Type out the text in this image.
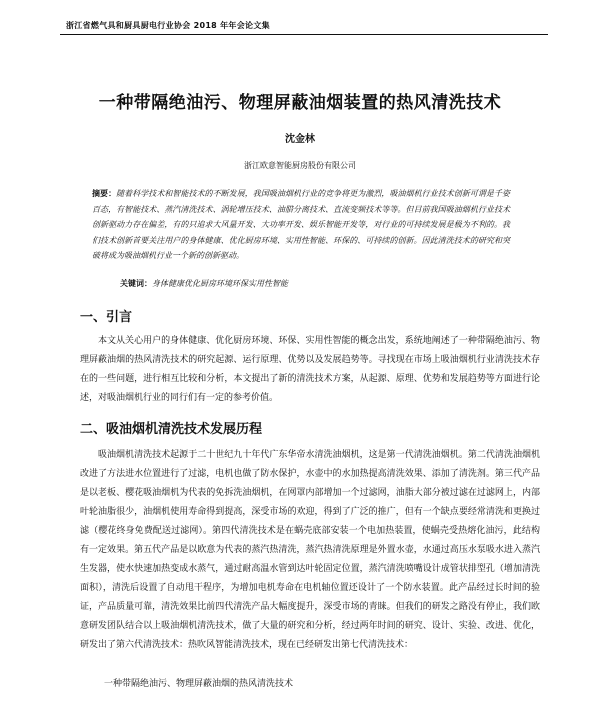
浙江省燃气具和厨具厨电行业协会 2018 年年会论文集
一种带隔绝油污、物理屏蔽油烟装置的热风清洗技术
沈金林
浙江欧意智能厨房股份有限公司
摘要：随着科学技术和智能技术的不断发展，我国吸油烟机行业的竞争将更为激烈，吸油烟机行业技术创新可谓是千姿百态，有智能技术、蒸汽清洗技术、涡轮增压技术、油腊分离技术、直流变频技术等等。但目前我国吸油烟机行业技术创新驱动力存在偏差，有的只追求大风量开发、大功率开发、娱乐智能开发等，对行业的可持续发展是极为不利的。我们技术创新首要关注用户的身体健康、优化厨房环境、实用性智能、环保的、可持续的创新。因此清洗技术的研究和突破将成为吸油烟机行业一个新的创新驱动。
关键词：身体健康优化厨房环境环保实用性智能
一、引言
本文从关心用户的身体健康、优化厨房环境、环保、实用性智能的概念出发，系统地阐述了一种带隔绝油污、物理屏蔽油烟的热风清洗技术的研究起源、运行原理、优势以及发展趋势等。寻找现在市场上吸油烟机行业清洗技术存在的一些问题，进行相互比较和分析，本文提出了新的清洗技术方案，从起源、原理、优势和发展趋势等方面进行论述，对吸油烟机行业的同行们有一定的参考价值。
二、吸油烟机清洗技术发展历程
吸油烟机清洗技术起源于二十世纪九十年代广东华帝水清洗油烟机，这是第一代清洗油烟机。第二代清洗油烟机改进了方法进水位置进行了过滤，电机也做了防水保护，水壶中的水加热提高清洗效果、添加了清洗剂。第三代产品是以老板、樱花吸油烟机为代表的免拆洗油烟机，在网罩内部增加一个过滤网，油脂大部分被过滤在过滤网上，内部叶轮油脂很少，油烟机使用寿命得到提高，深受市场的欢迎，得到了广泛的推广，但有一个缺点要经常清洗和更换过滤（樱花终身免费配送过滤网）。第四代清洗技术是在蜗壳底部安装一个电加热装置，使蜗壳受热熔化油污，此结构有一定效果。第五代产品是以欧意为代表的蒸汽热清洗，蒸汽热清洗原理是外置水壶，水通过高压水泵吸水进入蒸汽生发器，使水快速加热变成水蒸气，通过耐高温水管到达叶轮固定位置，蒸汽清洗喷嘴设计成管状排型孔（增加清洗面积），清洗后设置了自动甩干程序，为增加电机寿命在电机轴位置还设计了一个防水装置。此产品经过长时间的验证，产品质量可靠，清洗效果比前四代清洗产品大幅度提升，深受市场的青睐。但我们的研发之路没有停止，我们欧意研发团队结合以上吸油烟机清洗技术，做了大量的研究和分析，经过两年时间的研究、设计、实验、改进、优化，研发出了第六代清洗技术：热吹风智能清洗技术，现在已经研发出第七代清洗技术：
一种带隔绝油污、物理屏蔽油烟的热风清洗技术
